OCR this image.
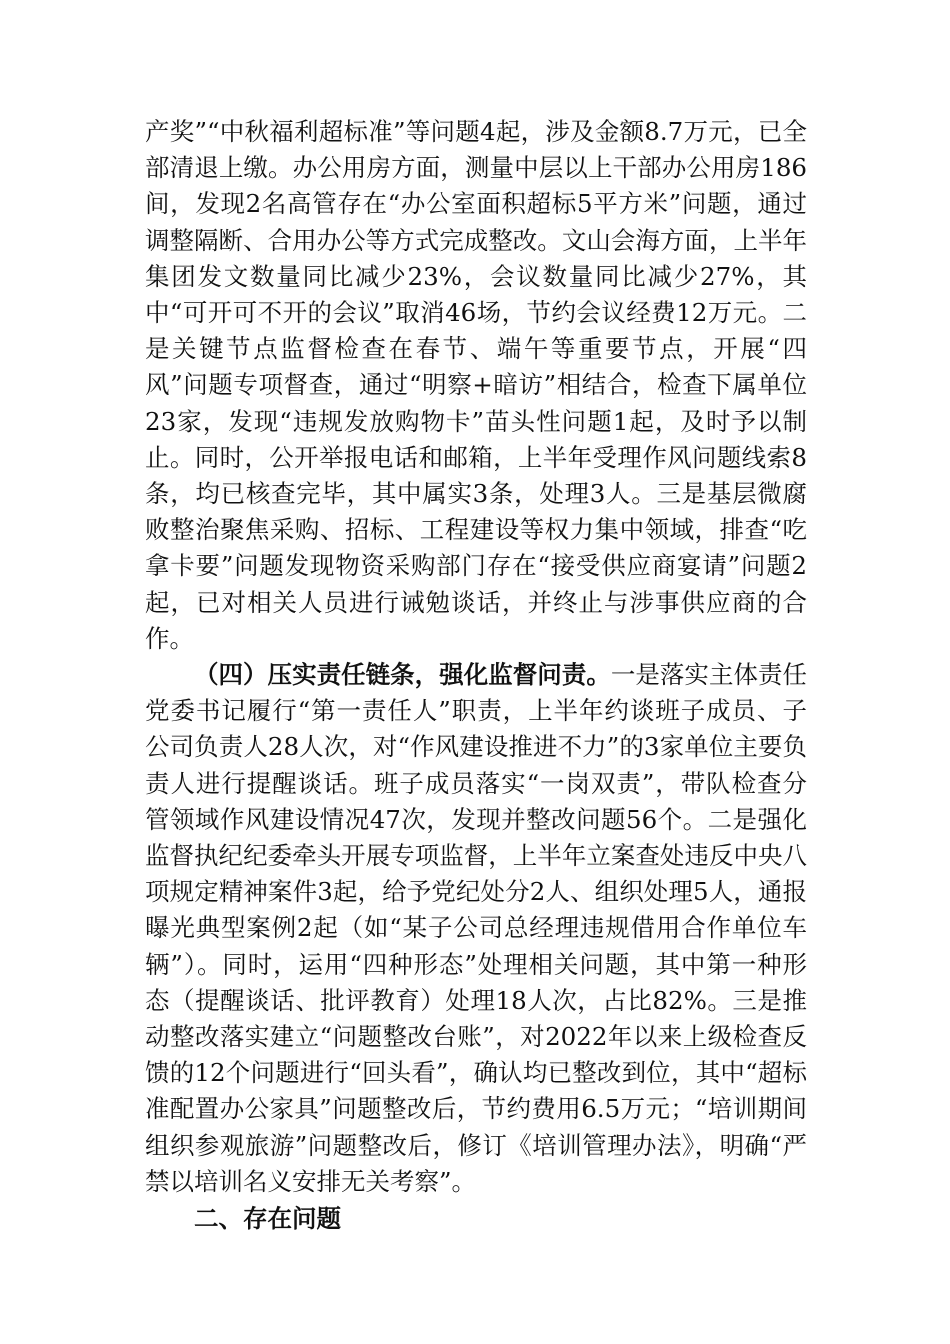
产奖”“中秋福利超标准”等问题4起，涉及金额8.7万元，已全部清退上缴。办公用房方面，测量中层以上干部办公用房186间，发现2名高管存在“办公室面积超标5平方米”问题，通过调整隔断、合用办公等方式完成整改。文山会海方面，上半年集团发文数量同比减少23%，会议数量同比减少27%，其中“可开可不开的会议”取消46场，节约会议经费12万元。二是关键节点监督检查在春节、端午等重要节点，开展“四风”问题专项督查，通过“明察+暗访”相结合，检查下属单位23家，发现“违规发放购物卡”苗头性问题1起，及时予以制止。同时，公开举报电话和邮箱，上半年受理作风问题线索8条，均已核查完毕，其中属实3条，处理3人。三是基层微腐败整治聚焦采购、招标、工程建设等权力集中领域，排查“吃拿卡要”问题发现物资采购部门存在“接受供应商宴请”问题2起，已对相关人员进行诫勉谈话，并终止与涉事供应商的合作。

（四）压实责任链条，强化监督问责。一是落实主体责任党委书记履行“第一责任人”职责，上半年约谈班子成员、子公司负责人28人次，对“作风建设推进不力”的3家单位主要负责人进行提醒谈话。班子成员落实“一岗双责”，带队检查分管领域作风建设情况47次，发现并整改问题56个。二是强化监督执纪纪委牵头开展专项监督，上半年立案查处违反中央八项规定精神案件3起，给予党纪处分2人、组织处理5人，通报曝光典型案例2起（如“某子公司总经理违规借用合作单位车辆”）。同时，运用“四种形态”处理相关问题，其中第一种形态（提醒谈话、批评教育）处理18人次，占比82%。三是推动整改落实建立“问题整改台账”，对2022年以来上级检查反馈的12个问题进行“回头看”，确认均已整改到位，其中“超标准配置办公家具”问题整改后，节约费用6.5万元；“培训期间组织参观旅游”问题整改后，修订《培训管理办法》，明确“严禁以培训名义安排无关考察”。

二、存在问题
